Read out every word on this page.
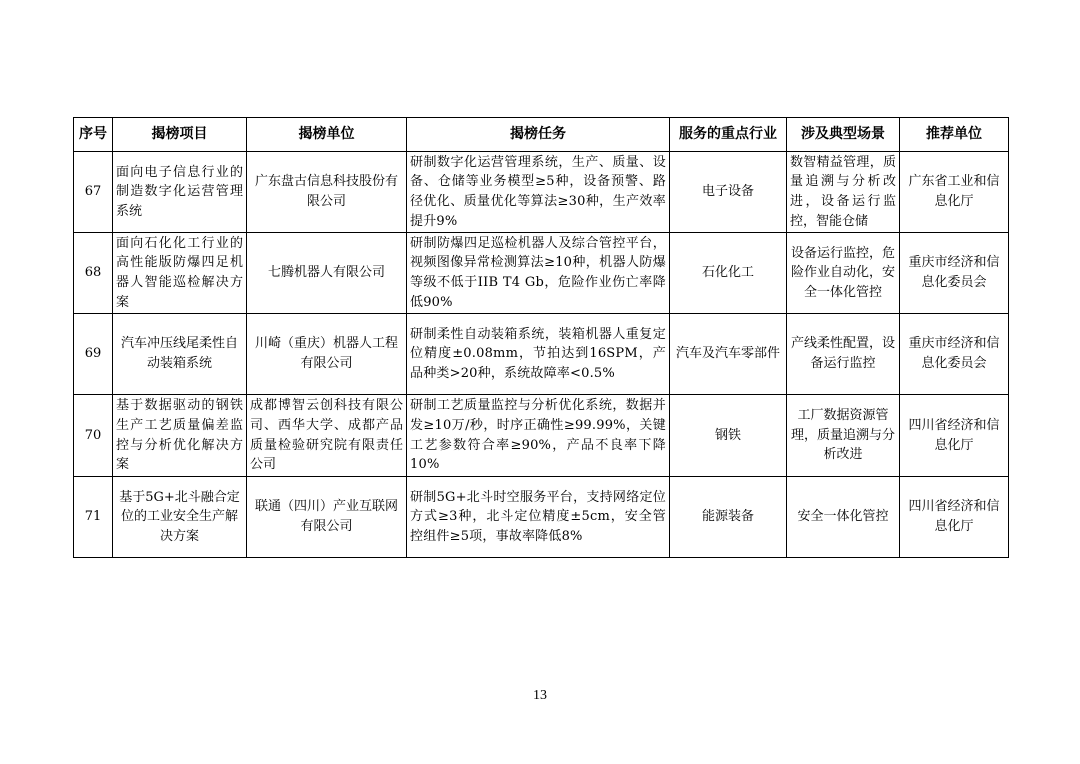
序号	揭榜项目	揭榜单位	揭榜任务	服务的重点行业	涉及典型场景	推荐单位
67	面向电子信息行业的制造数字化运营管理系统	广东盘古信息科技股份有限公司	研制数字化运营管理系统，生产、质量、设备、仓储等业务模型≥5种，设备预警、路径优化、质量优化等算法≥30种，生产效率提升9%	电子设备	数智精益管理，质量追溯与分析改进，设备运行监控，智能仓储	广东省工业和信息化厅
68	面向石化化工行业的高性能版防爆四足机器人智能巡检解决方案	七腾机器人有限公司	研制防爆四足巡检机器人及综合管控平台，视频图像异常检测算法≥10种，机器人防爆等级不低于IIB T4 Gb，危险作业伤亡率降低90%	石化化工	设备运行监控，危险作业自动化，安全一体化管控	重庆市经济和信息化委员会
69	汽车冲压线尾柔性自动装箱系统	川崎（重庆）机器人工程有限公司	研制柔性自动装箱系统，装箱机器人重复定位精度±0.08mm，节拍达到16SPM，产品种类>20种，系统故障率<0.5%	汽车及汽车零部件	产线柔性配置，设备运行监控	重庆市经济和信息化委员会
70	基于数据驱动的钢铁生产工艺质量偏差监控与分析优化解决方案	成都博智云创科技有限公司、西华大学、成都产品质量检验研究院有限责任公司	研制工艺质量监控与分析优化系统，数据并发≥10万/秒，时序正确性≥99.99%，关键工艺参数符合率≥90%，产品不良率下降10%	钢铁	工厂数据资源管理，质量追溯与分析改进	四川省经济和信息化厅
71	基于5G+北斗融合定位的工业安全生产解决方案	联通（四川）产业互联网有限公司	研制5G+北斗时空服务平台，支持网络定位方式≥3种，北斗定位精度±5cm，安全管控组件≥5项，事故率降低8%	能源装备	安全一体化管控	四川省经济和信息化厅
13
